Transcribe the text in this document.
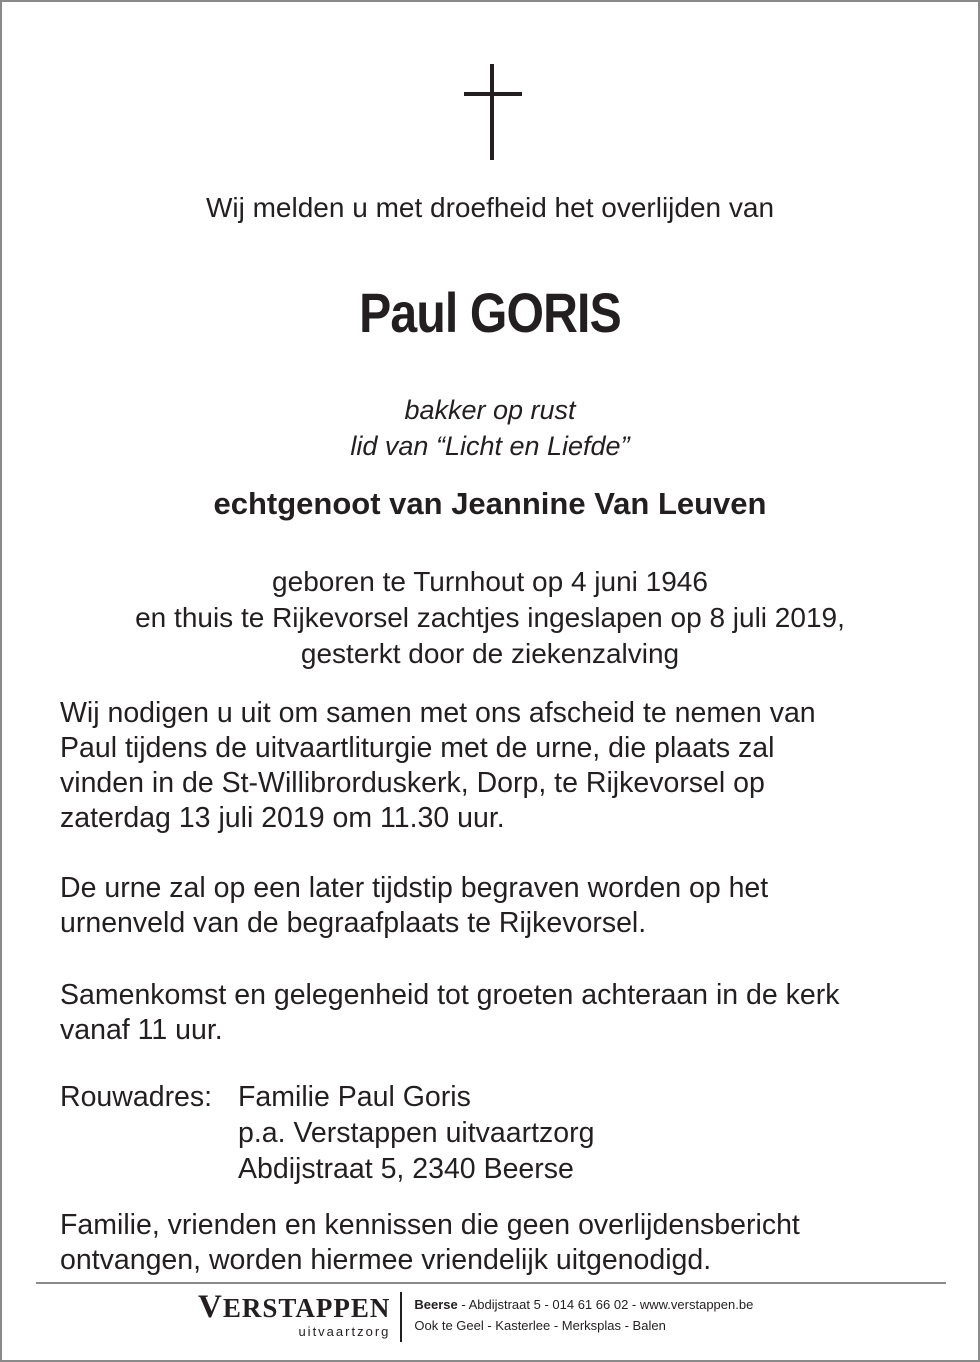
Wij melden u met droefheid het overlijden van
Paul GORIS
bakker op rust
lid van “Licht en Liefde”
echtgenoot van Jeannine Van Leuven
geboren te Turnhout op 4 juni 1946
en thuis te Rijkevorsel zachtjes ingeslapen op 8 juli 2019,
gesterkt door de ziekenzalving
Wij nodigen u uit om samen met ons afscheid te nemen van
Paul tijdens de uitvaartliturgie met de urne, die plaats zal
vinden in de St-Willibrorduskerk, Dorp, te Rijkevorsel op
zaterdag 13 juli 2019 om 11.30 uur.
De urne zal op een later tijdstip begraven worden op het
urnenveld van de begraafplaats te Rijkevorsel.
Samenkomst en gelegenheid tot groeten achteraan in de kerk
vanaf 11 uur.
Rouwadres: Familie Paul Goris
p.a. Verstappen uitvaartzorg
Abdijstraat 5, 2340 Beerse
Familie, vrienden en kennissen die geen overlijdensbericht
ontvangen, worden hiermee vriendelijk uitgenodigd.
VERSTAPPEN
uitvaartzorg
Beerse - Abdijstraat 5 - 014 61 66 02 - www.verstappen.be
Ook te Geel - Kasterlee - Merksplas - Balen
